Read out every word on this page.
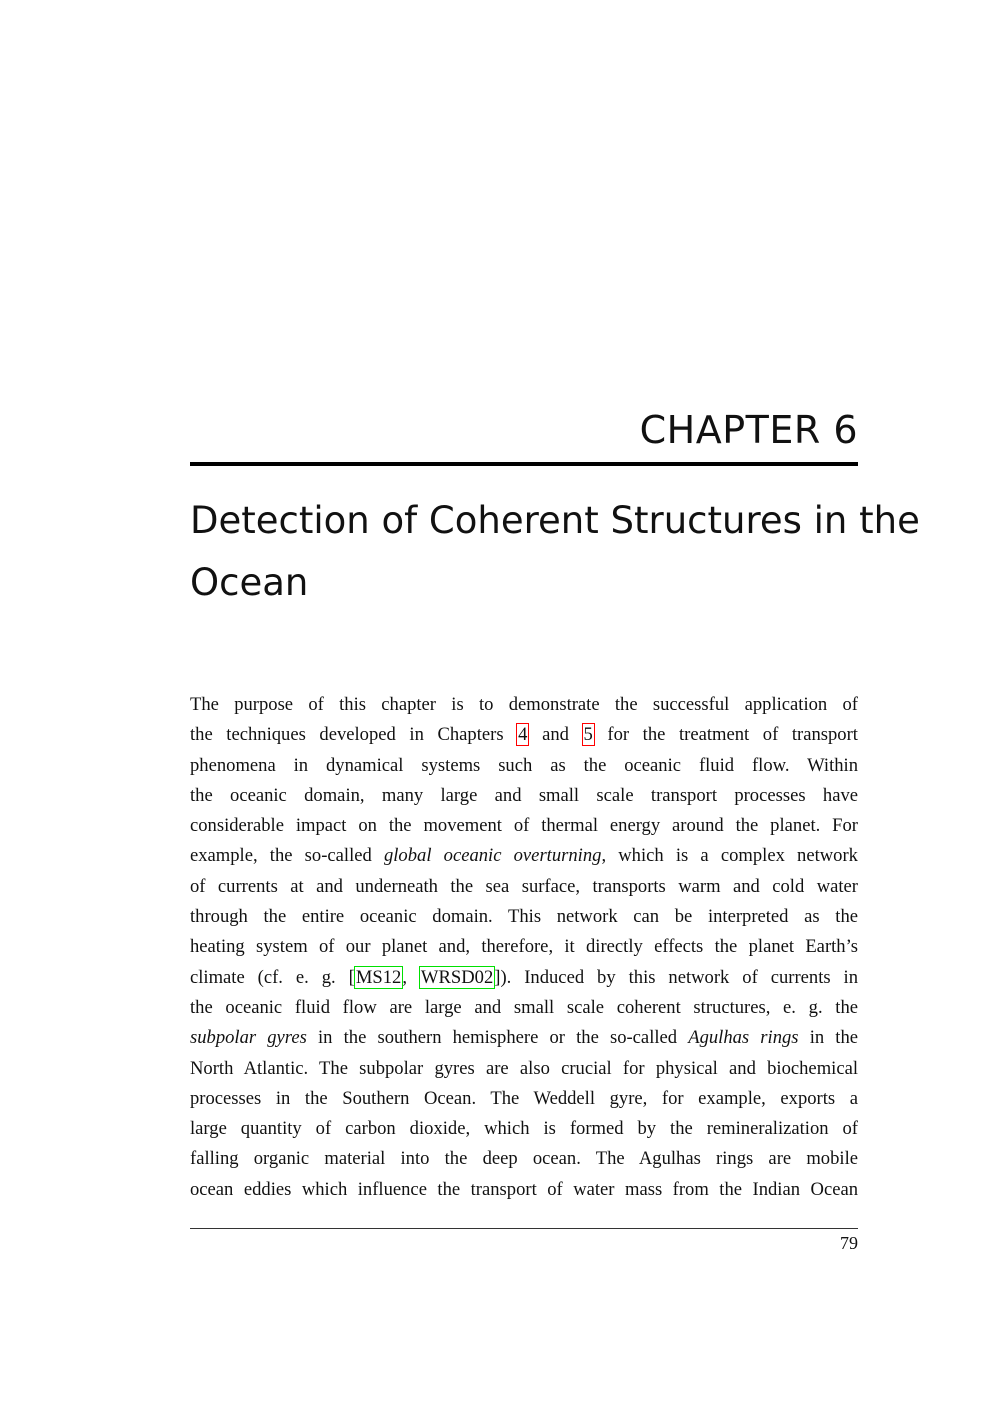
CHAPTER 6
Detection of Coherent Structures in the
Ocean
The purpose of this chapter is to demonstrate the successful application of
the techniques developed in Chapters 4 and 5 for the treatment of transport
phenomena in dynamical systems such as the oceanic fluid flow. Within
the oceanic domain, many large and small scale transport processes have
considerable impact on the movement of thermal energy around the planet. For
example, the so-called global oceanic overturning, which is a complex network
of currents at and underneath the sea surface, transports warm and cold water
through the entire oceanic domain. This network can be interpreted as the
heating system of our planet and, therefore, it directly effects the planet Earth’s
climate (cf. e. g. [MS12, WRSD02]). Induced by this network of currents in
the oceanic fluid flow are large and small scale coherent structures, e. g. the
subpolar gyres in the southern hemisphere or the so-called Agulhas rings in the
North Atlantic. The subpolar gyres are also crucial for physical and biochemical
processes in the Southern Ocean. The Weddell gyre, for example, exports a
large quantity of carbon dioxide, which is formed by the remineralization of
falling organic material into the deep ocean. The Agulhas rings are mobile
ocean eddies which influence the transport of water mass from the Indian Ocean
79
